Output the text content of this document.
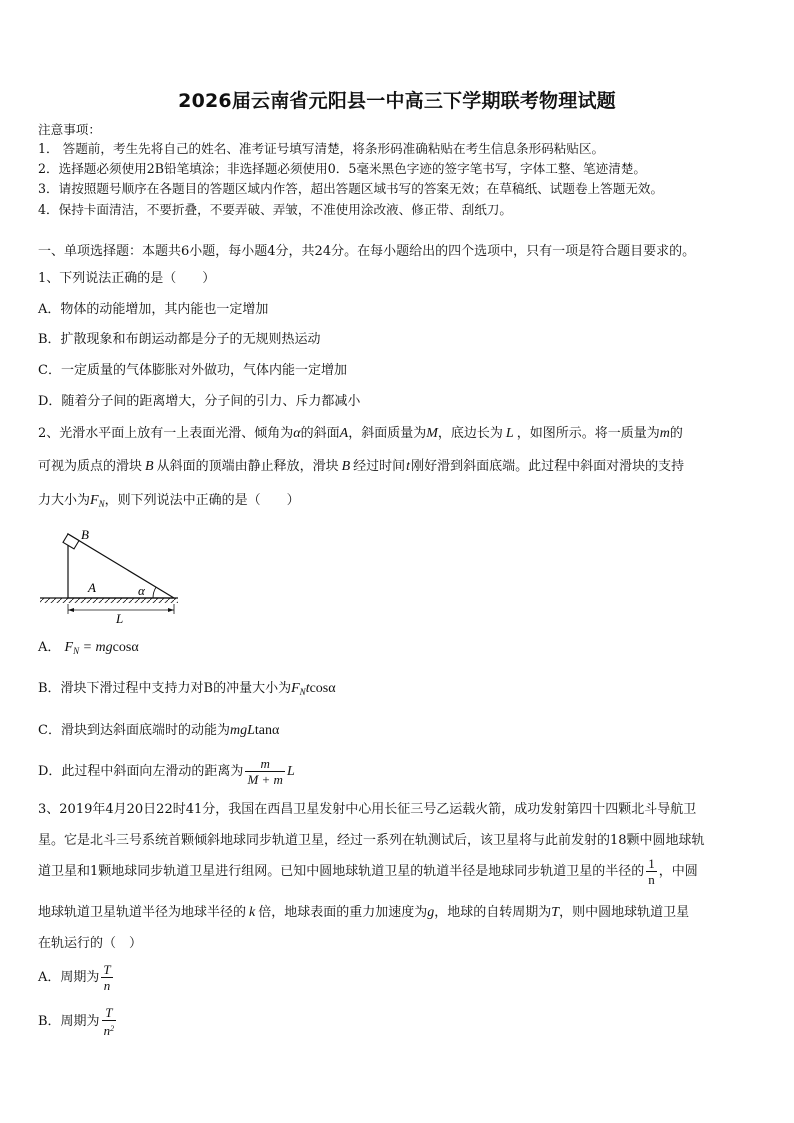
2026届云南省元阳县一中高三下学期联考物理试题
注意事项：
1． 答题前，考生先将自己的姓名、准考证号填写清楚，将条形码准确粘贴在考生信息条形码粘贴区。
2．选择题必须使用2B铅笔填涂；非选择题必须使用0．5毫米黑色字迹的签字笔书写，字体工整、笔迹清楚。
3．请按照题号顺序在各题目的答题区域内作答，超出答题区域书写的答案无效；在草稿纸、试题卷上答题无效。
4．保持卡面清洁，不要折叠，不要弄破、弄皱，不准使用涂改液、修正带、刮纸刀。
一、单项选择题：本题共6小题，每小题4分，共24分。在每小题给出的四个选项中，只有一项是符合题目要求的。
1、下列说法正确的是（　　）
A．物体的动能增加，其内能也一定增加
B．扩散现象和布朗运动都是分子的无规则热运动
C．一定质量的气体膨胀对外做功，气体内能一定增加
D．随着分子间的距离增大，分子间的引力、斥力都减小
2、光滑水平面上放有一上表面光滑、倾角为α的斜面A，斜面质量为M，底边长为 L ，如图所示。将一质量为m的
可视为质点的滑块 B 从斜面的顶端由静止释放，滑块 B 经过时间t刚好滑到斜面底端。此过程中斜面对滑块的支持
力大小为$F_N$，则下列说法中正确的是（　　）
B
A	α
L
A． $F_N = mgcos\alpha$
B．滑块下滑过程中支持力对B的冲量大小为$F_Ntcos\alpha$
C．滑块到达斜面底端时的动能为mgLtanα
D．此过程中斜面向左滑动的距离为 $\frac{m}{M + m}$ L
3、2019年4月20日22时41分，我国在西昌卫星发射中心用长征三号乙运载火箭，成功发射第四十四颗北斗导航卫
星。它是北斗三号系统首颗倾斜地球同步轨道卫星，经过一系列在轨测试后，该卫星将与此前发射的18颗中圆地球轨
道卫星和1颗地球同步轨道卫星进行组网。已知中圆地球轨道卫星的轨道半径是地球同步轨道卫星的半径的 $\frac{1}{n}$ ，中圆
地球轨道卫星轨道半径为地球半径的 k 倍，地球表面的重力加速度为g，地球的自转周期为T，则中圆地球轨道卫星
在轨运行的（　）
A．周期为 $\frac{T}{n}$
B．周期为 $\frac{T}{n^2}$
